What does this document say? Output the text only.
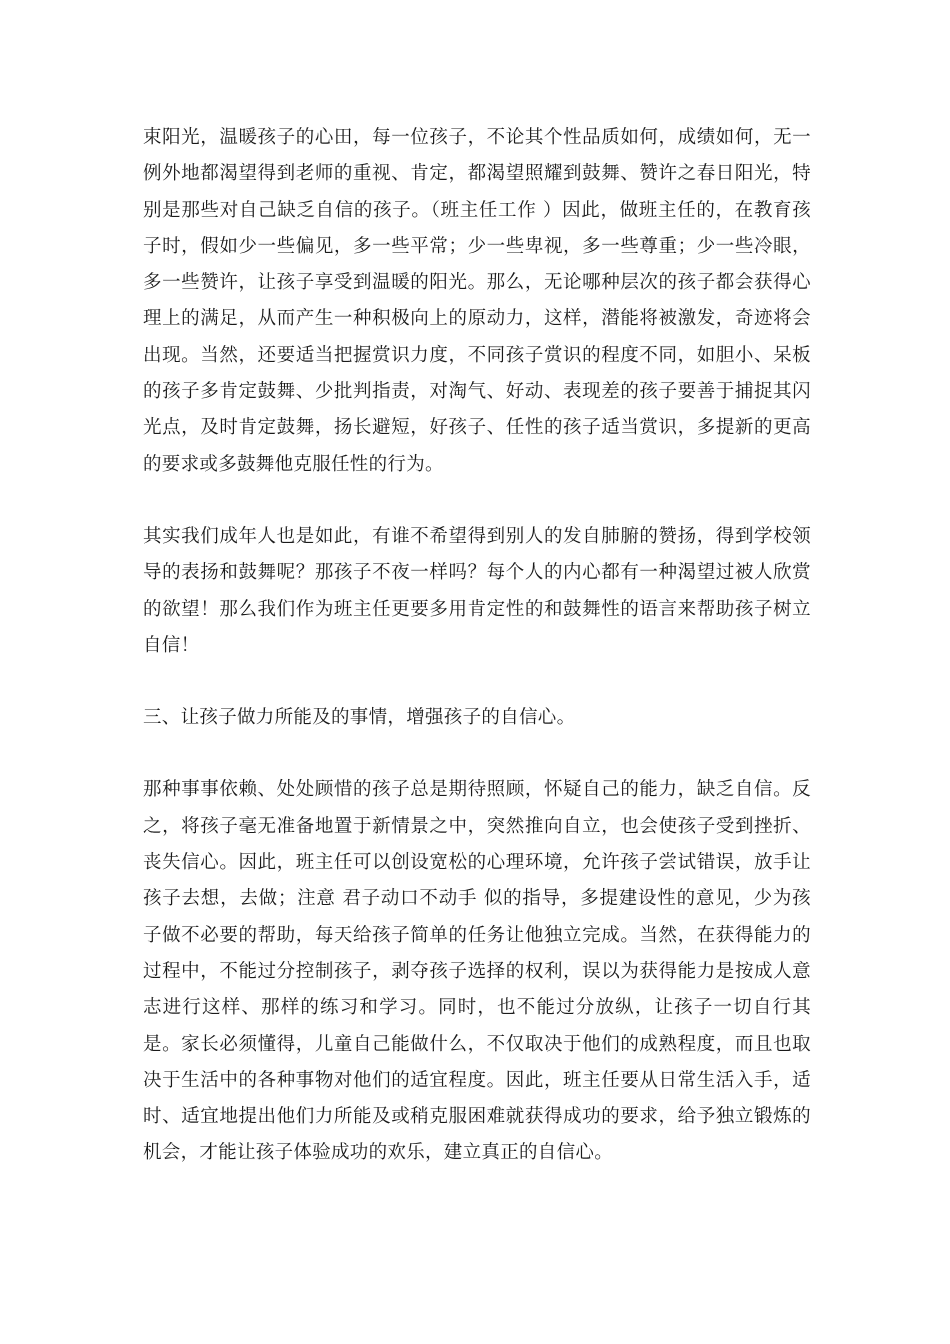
束阳光，温暖孩子的心田，每一位孩子，不论其个性品质如何，成绩如何，无一例外地都渴望得到老师的重视、肯定，都渴望照耀到鼓舞、赞许之春日阳光，特别是那些对自己缺乏自信的孩子。（班主任工作 ）因此，做班主任的，在教育孩子时，假如少一些偏见，多一些平常；少一些卑视，多一些尊重；少一些冷眼，多一些赞许，让孩子享受到温暖的阳光。那么，无论哪种层次的孩子都会获得心理上的满足，从而产生一种积极向上的原动力，这样，潜能将被激发，奇迹将会出现。当然，还要适当把握赏识力度，不同孩子赏识的程度不同，如胆小、呆板的孩子多肯定鼓舞、少批判指责，对淘气、好动、表现差的孩子要善于捕捉其闪光点，及时肯定鼓舞，扬长避短，好孩子、任性的孩子适当赏识，多提新的更高的要求或多鼓舞他克服任性的行为。

其实我们成年人也是如此，有谁不希望得到别人的发自肺腑的赞扬，得到学校领导的表扬和鼓舞呢？那孩子不夜一样吗？每个人的内心都有一种渴望过被人欣赏的欲望！那么我们作为班主任更要多用肯定性的和鼓舞性的语言来帮助孩子树立自信！

三、让孩子做力所能及的事情，增强孩子的自信心。

那种事事依赖、处处顾惜的孩子总是期待照顾，怀疑自己的能力，缺乏自信。反之，将孩子毫无准备地置于新情景之中，突然推向自立，也会使孩子受到挫折、丧失信心。因此，班主任可以创设宽松的心理环境，允许孩子尝试错误，放手让孩子去想，去做；注意 君子动口不动手 似的指导，多提建设性的意见，少为孩子做不必要的帮助，每天给孩子简单的任务让他独立完成。当然，在获得能力的过程中，不能过分控制孩子，剥夺孩子选择的权利，误以为获得能力是按成人意志进行这样、那样的练习和学习。同时，也不能过分放纵，让孩子一切自行其是。家长必须懂得，儿童自己能做什么，不仅取决于他们的成熟程度，而且也取决于生活中的各种事物对他们的适宜程度。因此，班主任要从日常生活入手，适时、适宜地提出他们力所能及或稍克服困难就获得成功的要求，给予独立锻炼的机会，才能让孩子体验成功的欢乐，建立真正的自信心。
